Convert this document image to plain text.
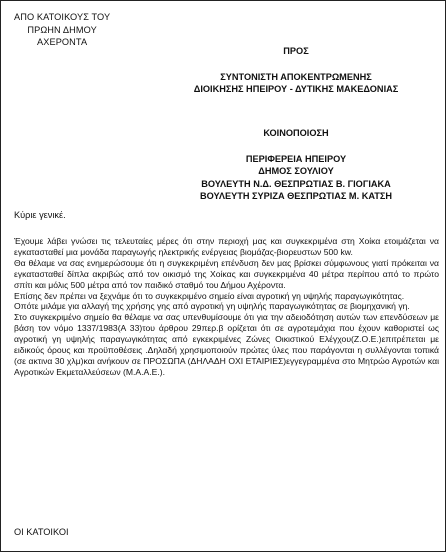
ΑΠΟ ΚΑΤΟΙΚΟΥΣ ΤΟΥ
ΠΡΩΗΝ ΔΗΜΟΥ
ΑΧΕΡΟΝΤΑ
ΠΡΟΣ
ΣΥΝΤΟΝΙΣΤΗ ΑΠΟΚΕΝΤΡΩΜΕΝΗΣ
ΔΙΟΙΚΗΣΗΣ ΗΠΕΙΡΟΥ - ΔΥΤΙΚΗΣ ΜΑΚΕΔΟΝΙΑΣ
ΚΟΙΝΟΠΟΙΟΣΗ
ΠΕΡΙΦΕΡΕΙΑ ΗΠΕΙΡΟΥ
ΔΗΜΟΣ ΣΟΥΛΙΟΥ
ΒΟΥΛΕΥΤΗ Ν.Δ. ΘΕΣΠΡΩΤΙΑΣ Β. ΓΙΟΓΙΑΚΑ
ΒΟΥΛΕΥΤΗ ΣΥΡΙΖΑ ΘΕΣΠΡΩΤΙΑΣ Μ. ΚΑΤΣΗ
Κύριε γενικέ.

Έχουμε λάβει γνώσει τις τελευταίες μέρες ότι στην περιοχή μας και συγκεκριμένα στη Χοίκα ετοιμάζεται να εγκατασταθεί μια μονάδα παραγωγής ηλεκτρικής ενέργειας βιομάζας-βιορευστων 500 kw.

Θα θέλαμε να σας ενημερώσουμε ότι η συγκεκριμένη επένδυση δεν μας βρίσκει σύμφωνους γιατί πρόκειται να εγκατασταθεί δίπλα ακριβώς από τον οικισμό της Χοίκας και συγκεκριμένα 40 μέτρα περίπου από το πρώτο σπίτι και μόλις 500 μέτρα από τον παιδικό σταθμό του Δήμου Αχέροντα.

Επίσης δεν πρέπει να ξεχνάμε ότι το συγκεκριμένο σημείο είναι αγροτική γη υψηλής παραγωγικότητας.

Οπότε μιλάμε για αλλαγή της χρήσης γης από αγροτική γη υψηλής παραγωγικότητας σε βιομηχανική γη.

Στο συγκεκριμένο σημείο θα θέλαμε να σας υπενθυμίσουμε ότι για την αδειοδότηση αυτών των επενδύσεων με βάση τον νόμο 1337/1983(Α 33)του άρθρου 29περ.β ορίζεται ότι σε αγροτεμάχια που έχουν καθοριστεί ως αγροτική γη υψηλής παραγωγικότητας από εγκεκριμένες Ζώνες Οικιστικού Ελέγχου(Ζ.Ο.Ε.)επιτρέπεται με ειδικούς όρους και προϋποθέσεις .Δηλαδή χρησιμοποιούν πρώτες ύλες που παράγονται η συλλέγονται τοπικά (σε ακτινα 30 χλμ)και ανήκουν σε ΠΡΟΣΩΠΑ (ΔΗΛΑΔΗ ΟΧΙ ΕΤΑΙΡΙΕΣ)εγγεγραμμένα στο Μητρώο Αγροτών και Αγροτικών Εκμεταλλεύσεων (Μ.Α.Α.Ε.).

ΟΙ ΚΑΤΟΙΚΟΙ
